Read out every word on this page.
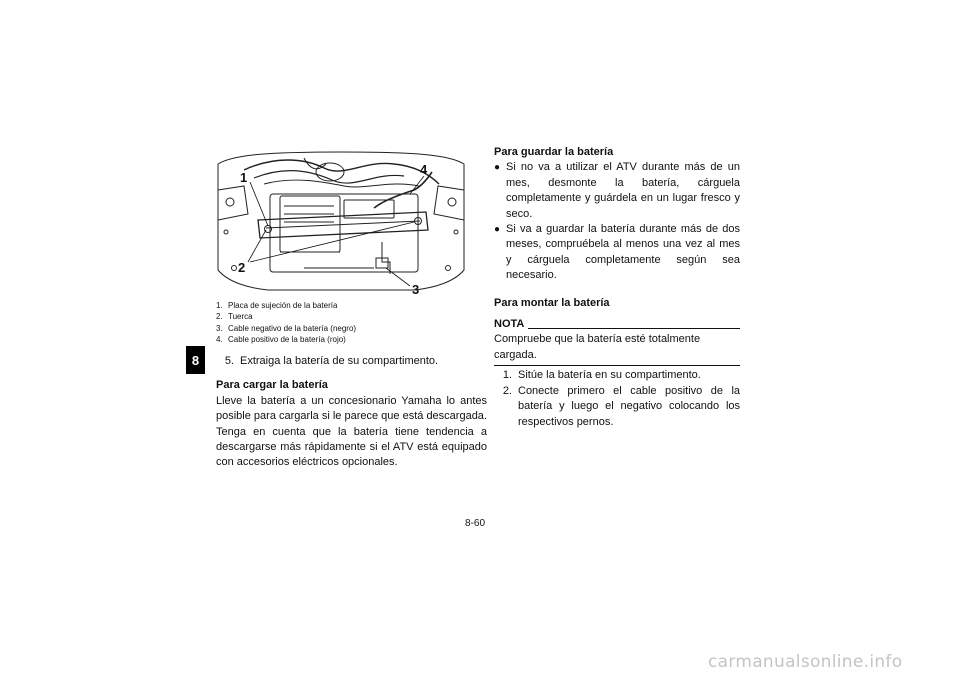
8
1
2
3
4
1. Placa de sujeción de la batería
2. Tuerca
3. Cable negativo de la batería (negro)
4. Cable positivo de la batería (rojo)
5. Extraiga la batería de su compartimento.
Para cargar la batería

Lleve la batería a un concesionario Yamaha lo antes posible para cargarla si le parece que está descargada. Tenga en cuenta que la batería tiene tendencia a descargarse más rápidamente si el ATV está equipado con accesorios eléctricos opcionales.

Para guardar la batería
● Si no va a utilizar el ATV durante más de un mes, desmonte la batería, cárguela completamente y guárdela en un lugar fresco y seco.
● Si va a guardar la batería durante más de dos meses, compruébela al menos una vez al mes y cárguela completamente según sea necesario.
Para montar la batería
NOTA

Compruebe que la batería esté totalmente cargada.

1. Sitúe la batería en su compartimento.
2. Conecte primero el cable positivo de la batería y luego el negativo colocando los respectivos pernos.
8-60
carmanualsonline.info
